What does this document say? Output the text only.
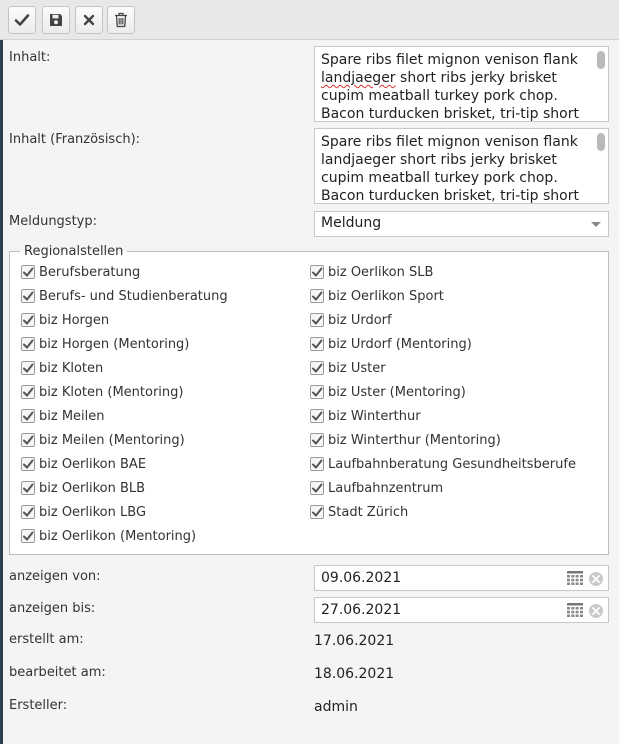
Inhalt:	Spare ribs filet mignon venison flank
landjaeger short ribs jerky brisket
cupim meatball turkey pork chop.
Bacon turducken brisket, tri-tip short
Inhalt (Französisch):	Spare ribs filet mignon venison flank
landjaeger short ribs jerky brisket
cupim meatball turkey pork chop.
Bacon turducken brisket, tri-tip short
Meldungstyp:	Meldung
Regionalstellen
Berufsberatung
Berufs- und Studienberatung
biz Horgen
biz Horgen (Mentoring)
biz Kloten
biz Kloten (Mentoring)
biz Meilen
biz Meilen (Mentoring)
biz Oerlikon BAE
biz Oerlikon BLB
biz Oerlikon LBG
biz Oerlikon (Mentoring)
biz Oerlikon SLB
biz Oerlikon Sport
biz Urdorf
biz Urdorf (Mentoring)
biz Uster
biz Uster (Mentoring)
biz Winterthur
biz Winterthur (Mentoring)
Laufbahnberatung Gesundheitsberufe
Laufbahnzentrum
Stadt Zürich
anzeigen von:	09.06.2021
anzeigen bis:	27.06.2021
erstellt am:	17.06.2021
bearbeitet am:	18.06.2021
Ersteller:	admin
